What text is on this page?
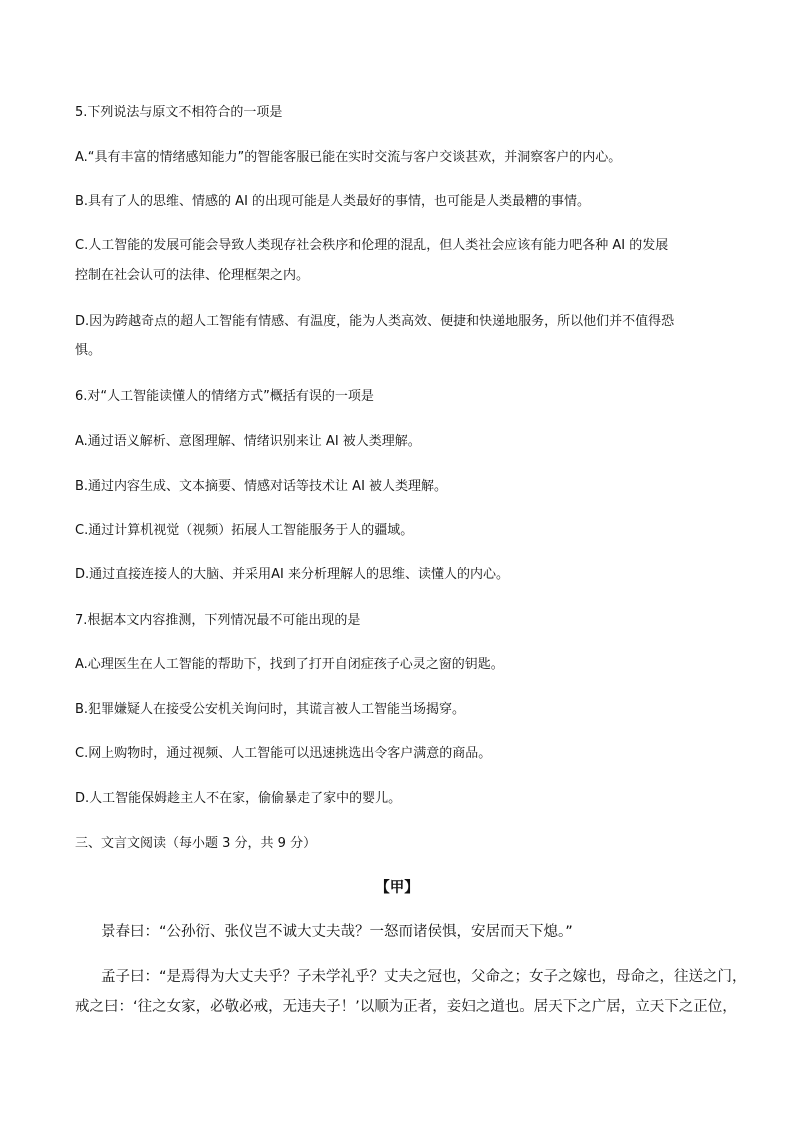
5.下列说法与原文不相符合的一项是
A.“具有丰富的情绪感知能力”的智能客服已能在实时交流与客户交谈甚欢，并洞察客户的内心。
B.具有了人的思维、情感的 AI 的出现可能是人类最好的事情，也可能是人类最糟的事情。
C.人工智能的发展可能会导致人类现存社会秩序和伦理的混乱，但人类社会应该有能力吧各种 AI 的发展
控制在社会认可的法律、伦理框架之内。
D.因为跨越奇点的超人工智能有情感、有温度，能为人类高效、便捷和快递地服务，所以他们并不值得恐
惧。
6.对“人工智能读懂人的情绪方式”概括有误的一项是
A.通过语义解析、意图理解、情绪识别来让 AI 被人类理解。
B.通过内容生成、文本摘要、情感对话等技术让 AI 被人类理解。
C.通过计算机视觉（视频）拓展人工智能服务于人的疆域。
D.通过直接连接人的大脑、并采用AI 来分析理解人的思维、读懂人的内心。
7.根据本文内容推测，下列情况最不可能出现的是
A.心理医生在人工智能的帮助下，找到了打开自闭症孩子心灵之窗的钥匙。
B.犯罪嫌疑人在接受公安机关询问时，其谎言被人工智能当场揭穿。
C.网上购物时，通过视频、人工智能可以迅速挑选出令客户满意的商品。
D.人工智能保姆趁主人不在家，偷偷暴走了家中的婴儿。
三、文言文阅读（每小题 3 分，共 9 分）
【甲】
景春曰：“公孙衍、张仪岂不诚大丈夫哉？一怒而诸侯惧，安居而天下熄。”
孟子曰：“是焉得为大丈夫乎？子未学礼乎？丈夫之冠也，父命之；女子之嫁也，母命之，往送之门，
戒之曰：‘往之女家，必敬必戒，无违夫子！’以顺为正者，妾妇之道也。居天下之广居，立天下之正位，
